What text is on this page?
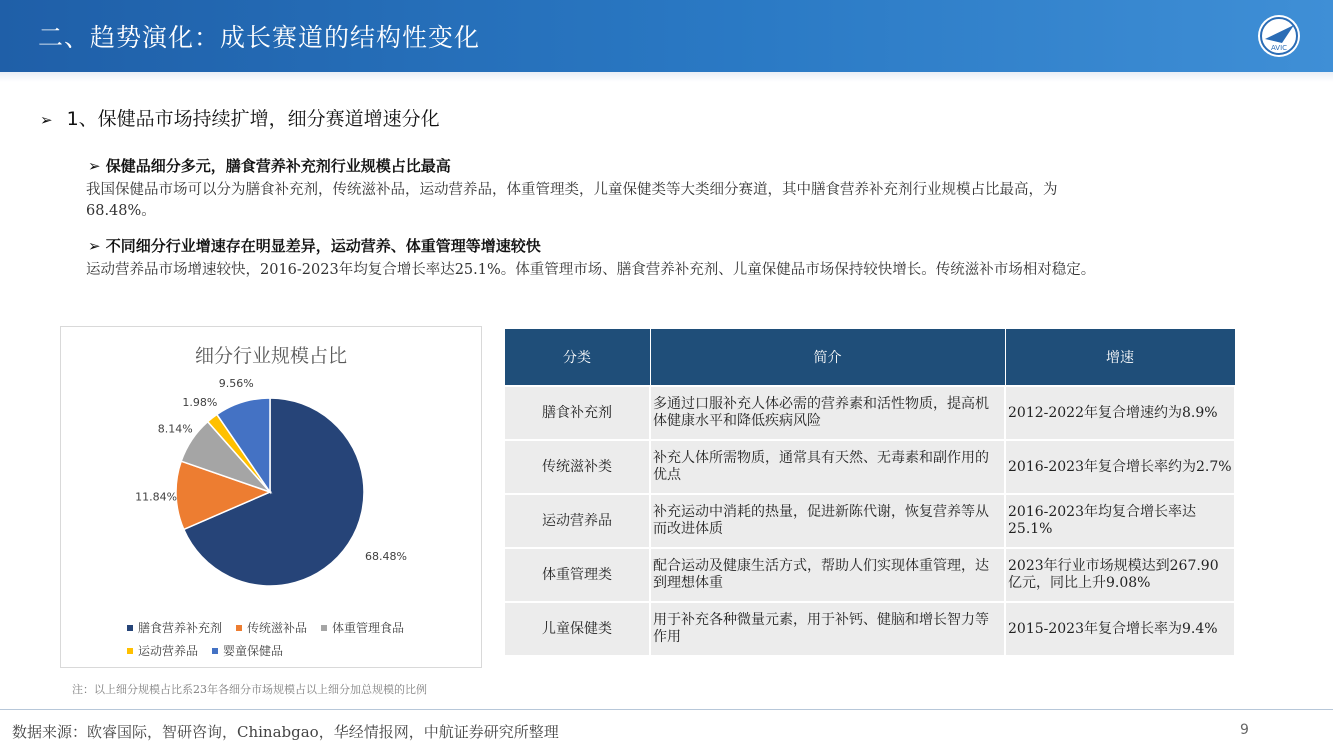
二、趋势演化：成长赛道的结构性变化	AVIC
➢ 1、保健品市场持续扩增，细分赛道增速分化
➢ 保健品细分多元，膳食营养补充剂行业规模占比最高
我国保健品市场可以分为膳食补充剂，传统滋补品，运动营养品，体重管理类，儿童保健类等大类细分赛道，其中膳食营养补充剂行业规模占比最高，为
68.48%。
➢ 不同细分行业增速存在明显差异，运动营养、体重管理等增速较快
运动营养品市场增速较快，2016-2023年均复合增长率达25.1%。体重管理市场、膳食营养补充剂、儿童保健品市场保持较快增长。传统滋补市场相对稳定。
细分行业规模占比
68.48%
11.84%
8.14%
1.98%
9.56%
膳食营养补充剂 传统滋补品 体重管理食品
运动营养品 婴童保健品
注：以上细分规模占比系23年各细分市场规模占以上细分加总规模的比例
分类	简介	增速
膳食补充剂	多通过口服补充人体必需的营养素和活性物质，提高机体健康水平和降低疾病风险	2012-2022年复合增速约为8.9%
传统滋补类	补充人体所需物质，通常具有天然、无毒素和副作用的优点	2016-2023年复合增长率约为2.7%
运动营养品	补充运动中消耗的热量，促进新陈代谢，恢复营养等从而改进体质	2016-2023年均复合增长率达25.1%
体重管理类	配合运动及健康生活方式，帮助人们实现体重管理，达到理想体重	2023年行业市场规模达到267.90亿元，同比上升9.08%
儿童保健类	用于补充各种微量元素，用于补钙、健脑和增长智力等作用	2015-2023年复合增长率为9.4%
数据来源：欧睿国际，智研咨询，Chinabgao，华经情报网，中航证券研究所整理	9
